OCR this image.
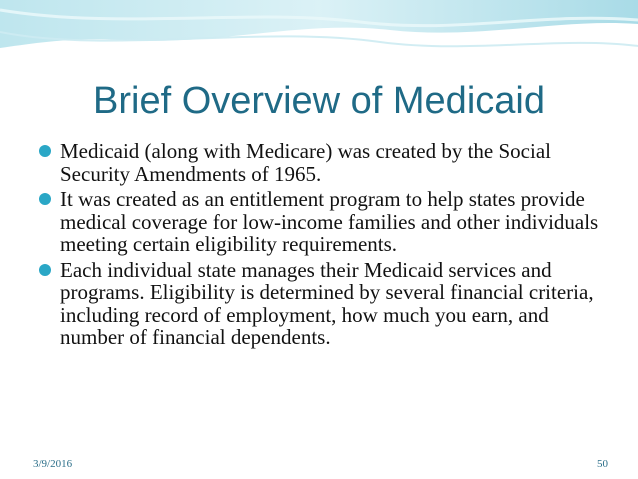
Brief Overview of Medicaid
Medicaid (along with Medicare) was created by the Social Security Amendments of 1965.
It was created as an entitlement program to help states provide medical coverage for low-income families and other individuals meeting certain eligibility requirements.
Each individual state manages their Medicaid services and programs. Eligibility is determined by several financial criteria, including record of employment, how much you earn, and number of financial dependents.
3/9/2016	50
